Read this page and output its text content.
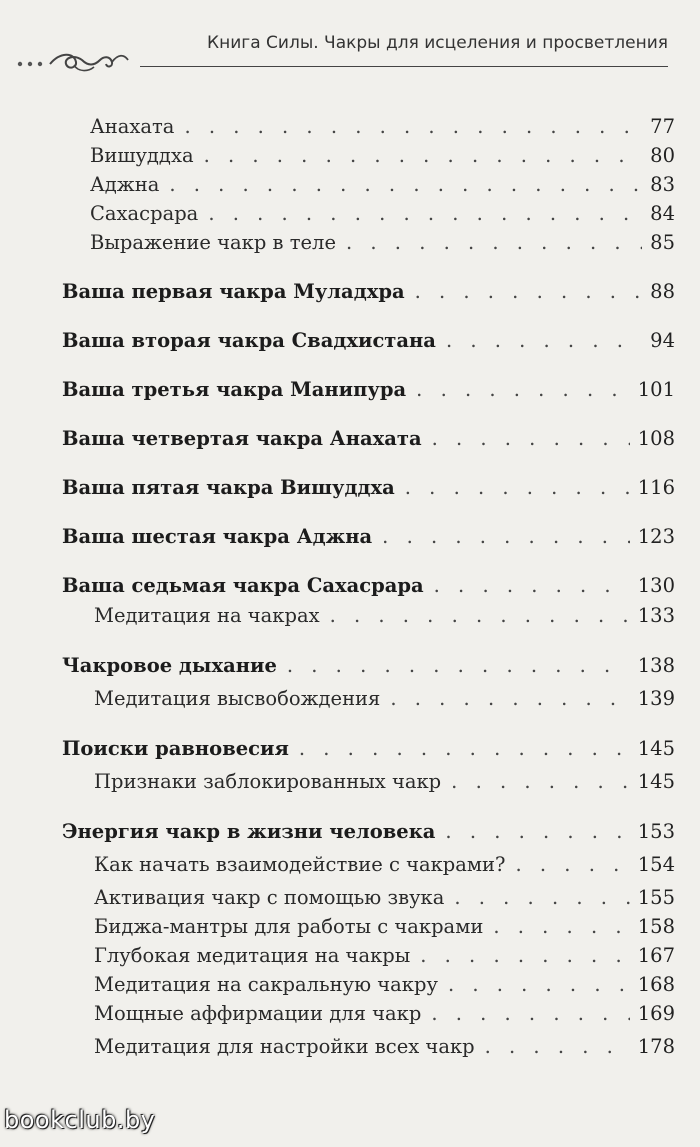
Книга Силы. Чакры для исцеления и просветления
Анахата . . .	77
Вишуддха . . .	80
Аджна . . .	83
Сахасрара . . .	84
Выражение чакр в теле . . .	85
Ваша первая чакра Муладхра . . .	88
Ваша вторая чакра Свадхистана . . .	94
Ваша третья чакра Манипура . . .	101
Ваша четвертая чакра Анахата . . .	108
Ваша пятая чакра Вишуддха . . .	116
Ваша шестая чакра Аджна . . .	123
Ваша седьмая чакра Сахасрара . . .	130
Медитация на чакрах . . .	133
Чакровое дыхание . . .	138
Медитация высвобождения . . .	139
Поиски равновесия . . .	145
Признаки заблокированных чакр . . .	145
Энергия чакр в жизни человека . . .	153
Как начать взаимодействие с чакрами? . . .	154
Активация чакр с помощью звука . . .	155
Биджа-мантры для работы с чакрами . . .	158
Глубокая медитация на чакры . . .	167
Медитация на сакральную чакру . . .	168
Мощные аффирмации для чакр . . .	169
Медитация для настройки всех чакр . . .	178
bookclub.by
